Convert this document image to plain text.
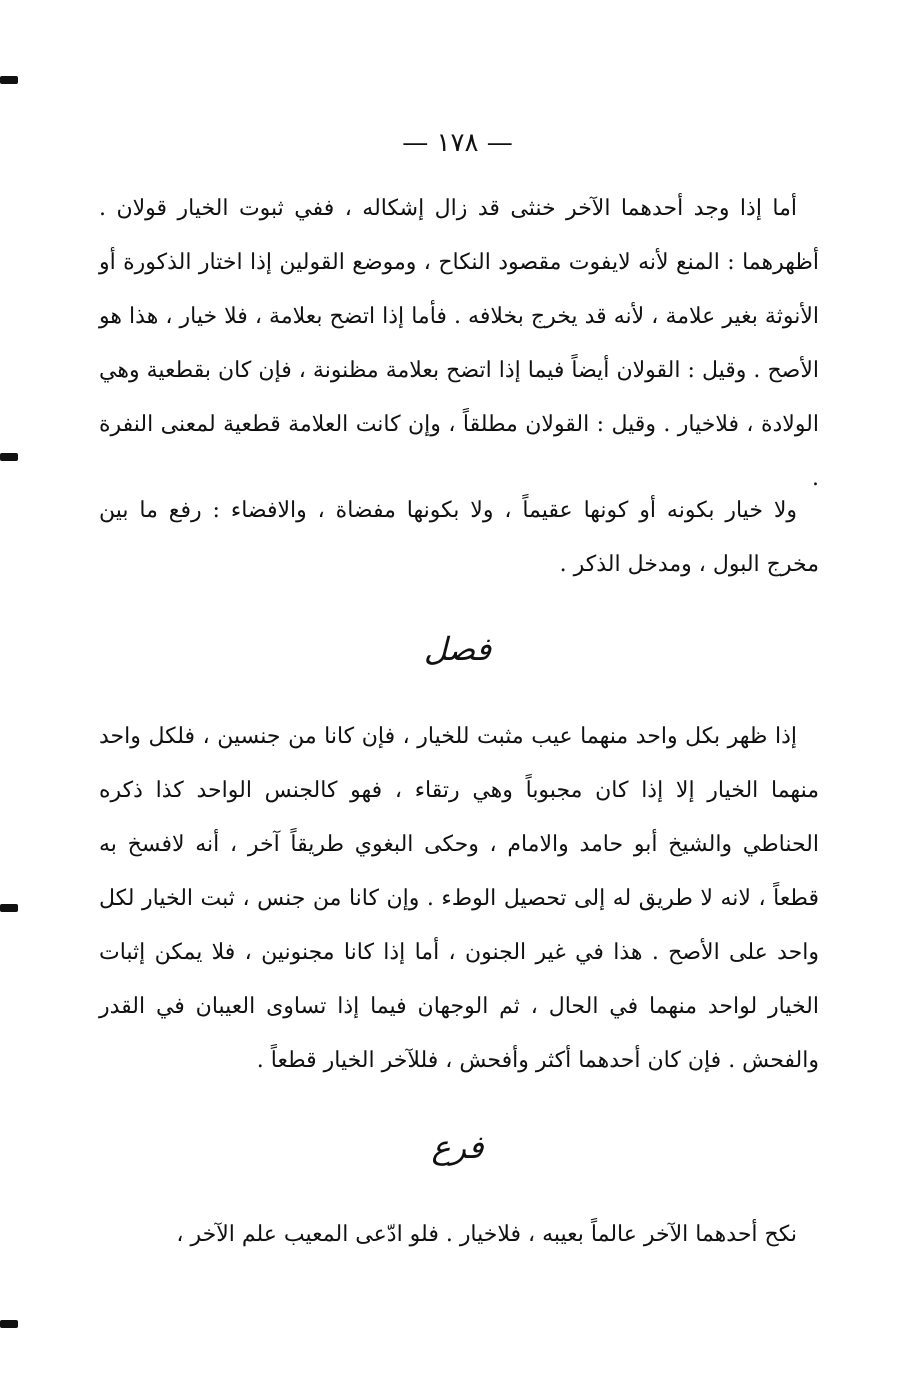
— ١٧٨ —

أما إذا وجد أحدهما الآخر خنثى قد زال إشكاله ، ففي ثبوت الخيار قولان . أظهرهما : المنع لأنه لايفوت مقصود النكاح ، وموضع القولين إذا اختار الذكورة أو الأنوثة بغير علامة ، لأنه قد يخرج بخلافه . فأما إذا اتضح بعلامة ، فلا خيار ، هذا هو الأصح . وقيل : القولان أيضاً فيما إذا اتضح بعلامة مظنونة ، فإن كان بقطعية وهي الولادة ، فلاخيار . وقيل : القولان مطلقاً ، وإن كانت العلامة قطعية لمعنى النفرة .

ولا خيار بكونه أو كونها عقيماً ، ولا بكونها مفضاة ، والافضاء : رفع ما بين مخرج البول ، ومدخل الذكر .

فصل

إذا ظهر بكل واحد منهما عيب مثبت للخيار ، فإن كانا من جنسين ، فلكل واحد منهما الخيار إلا إذا كان مجبوباً وهي رتقاء ، فهو كالجنس الواحد كذا ذكره الحناطي والشيخ أبو حامد والامام ، وحكى البغوي طريقاً آخر ، أنه لافسخ به قطعاً ، لانه لا طريق له إلى تحصيل الوطء . وإن كانا من جنس ، ثبت الخيار لكل واحد على الأصح . هذا في غير الجنون ، أما إذا كانا مجنونين ، فلا يمكن إثبات الخيار لواحد منهما في الحال ، ثم الوجهان فيما إذا تساوى العيبان في القدر والفحش . فإن كان أحدهما أكثر وأفحش ، فللآخر الخيار قطعاً .

فرع

نكح أحدهما الآخر عالماً بعيبه ، فلاخيار . فلو ادّعى المعيب علم الآخر ،
